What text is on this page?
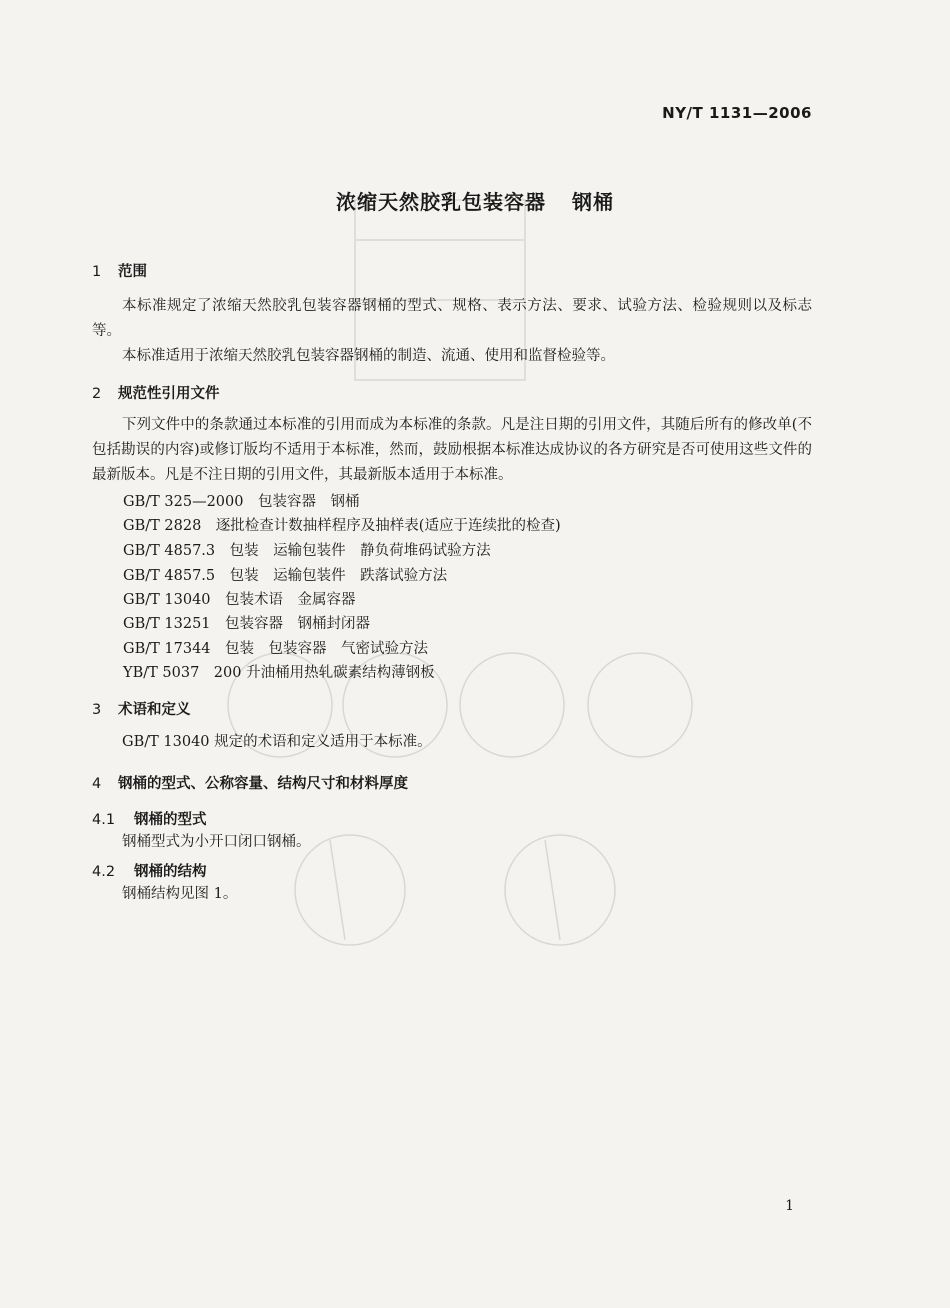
NY/T 1131—2006
浓缩天然胶乳包装容器 钢桶
1 范围
本标准规定了浓缩天然胶乳包装容器钢桶的型式、规格、表示方法、要求、试验方法、检验规则以及标志等。
本标准适用于浓缩天然胶乳包装容器钢桶的制造、流通、使用和监督检验等。
2 规范性引用文件
下列文件中的条款通过本标准的引用而成为本标准的条款。凡是注日期的引用文件，其随后所有的修改单(不包括勘误的内容)或修订版均不适用于本标准，然而，鼓励根据本标准达成协议的各方研究是否可使用这些文件的最新版本。凡是不注日期的引用文件，其最新版本适用于本标准。
GB/T 325—2000　包装容器　钢桶
GB/T 2828　逐批检查计数抽样程序及抽样表(适应于连续批的检查)
GB/T 4857.3　包装　运输包装件　静负荷堆码试验方法
GB/T 4857.5　包装　运输包装件　跌落试验方法
GB/T 13040　包装术语　金属容器
GB/T 13251　包装容器　钢桶封闭器
GB/T 17344　包装　包装容器　气密试验方法
YB/T 5037　200 升油桶用热轧碳素结构薄钢板
3 术语和定义
GB/T 13040 规定的术语和定义适用于本标准。
4 钢桶的型式、公称容量、结构尺寸和材料厚度
4.1 钢桶的型式
钢桶型式为小开口闭口钢桶。
4.2 钢桶的结构
钢桶结构见图 1。
1
